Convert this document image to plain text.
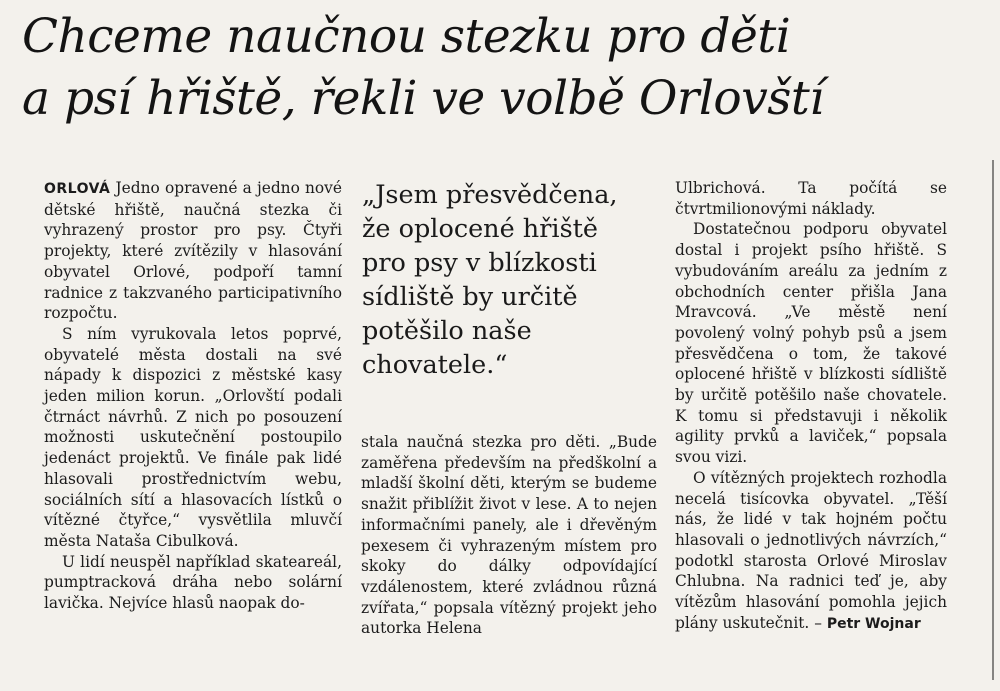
Chceme naučnou stezku pro děti
a psí hřiště, řekli ve volbě Orlovští

ORLOVÁ Jedno opravené a jedno nové dětské hřiště, naučná stezka či vyhrazený prostor pro psy. Čtyři projekty, které zvítězily v hlasování obyvatel Orlové, podpoří tamní radnice z takzvaného participativního rozpočtu.

S ním vyrukovala letos poprvé, obyvatelé města dostali na své nápady k dispozici z městské kasy jeden milion korun. „Orlovští podali čtrnáct návrhů. Z nich po posouzení možnosti uskutečnění postoupilo jedenáct projektů. Ve finále pak lidé hlasovali prostřednictvím webu, sociálních sítí a hlasovacích lístků o vítězné čtyřce,“ vysvětlila mluvčí města Nataša Cibulková.

U lidí neuspěl například skateareál, pumptracková dráha nebo solární lavička. Nejvíce hlasů naopak do-

„Jsem přesvědčena,
že oplocené hřiště
pro psy v blízkosti
sídliště by určitě
potěšilo naše
chovatele.“

stala naučná stezka pro děti. „Bude zaměřena především na předškolní a mladší školní děti, kterým se budeme snažit přiblížit život v lese. A to nejen informačními panely, ale i dřevěným pexesem či vyhrazeným místem pro skoky do dálky odpovídající vzdálenostem, které zvládnou různá zvířata,“ popsala vítězný projekt jeho autorka Helena

Ulbrichová. Ta počítá se čtvrtmilionovými náklady.

Dostatečnou podporu obyvatel dostal i projekt psího hřiště. S vybudováním areálu za jedním z obchodních center přišla Jana Mravcová. „Ve městě není povolený volný pohyb psů a jsem přesvědčena o tom, že takové oplocené hřiště v blízkosti sídliště by určitě potěšilo naše chovatele. K tomu si představuji i několik agility prvků a laviček,“ popsala svou vizi.

O vítězných projektech rozhodla necelá tisícovka obyvatel. „Těší nás, že lidé v tak hojném počtu hlasovali o jednotlivých návrzích,“ podotkl starosta Orlové Miroslav Chlubna. Na radnici teď je, aby vítězům hlasování pomohla jejich plány uskutečnit. – Petr Wojnar
